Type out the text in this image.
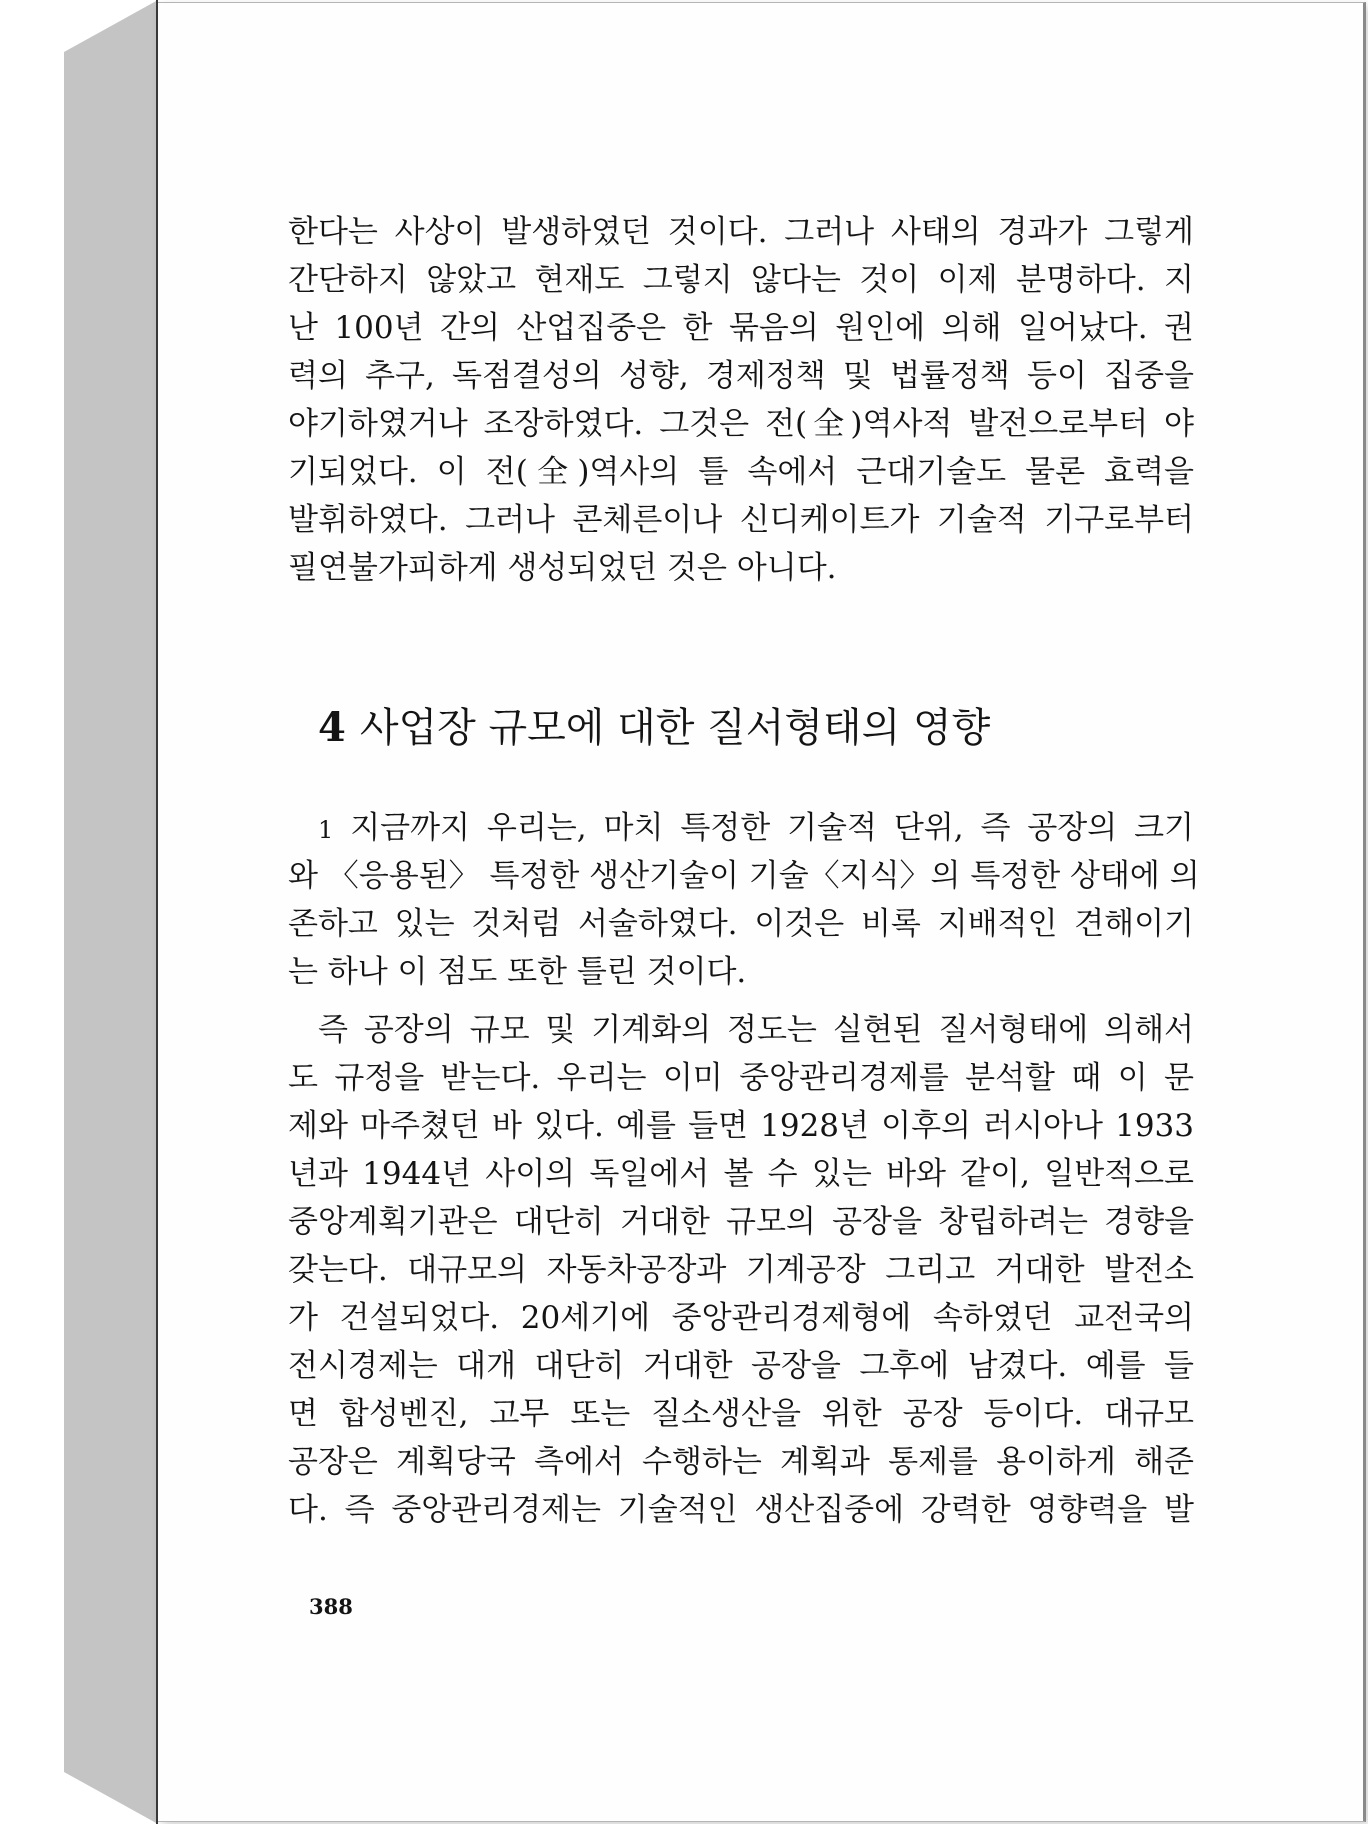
한다는 사상이 발생하였던 것이다. 그러나 사태의 경과가 그렇게
간단하지 않았고 현재도 그렇지 않다는 것이 이제 분명하다. 지
난 100년 간의 산업집중은 한 묶음의 원인에 의해 일어났다. 권
력의 추구, 독점결성의 성향, 경제정책 및 법률정책 등이 집중을
야기하였거나 조장하였다. 그것은 전(全)역사적 발전으로부터 야
기되었다. 이 전(全)역사의 틀 속에서 근대기술도 물론 효력을
발휘하였다. 그러나 콘체른이나 신디케이트가 기술적 기구로부터
필연불가피하게 생성되었던 것은 아니다.
4 사업장 규모에 대한 질서형태의 영향
1 지금까지 우리는, 마치 특정한 기술적 단위, 즉 공장의 크기
와 〈응용된〉 특정한 생산기술이 기술〈지식〉의 특정한 상태에 의
존하고 있는 것처럼 서술하였다. 이것은 비록 지배적인 견해이기
는 하나 이 점도 또한 틀린 것이다.
즉 공장의 규모 및 기계화의 정도는 실현된 질서형태에 의해서
도 규정을 받는다. 우리는 이미 중앙관리경제를 분석할 때 이 문
제와 마주쳤던 바 있다. 예를 들면 1928년 이후의 러시아나 1933
년과 1944년 사이의 독일에서 볼 수 있는 바와 같이, 일반적으로
중앙계획기관은 대단히 거대한 규모의 공장을 창립하려는 경향을
갖는다. 대규모의 자동차공장과 기계공장 그리고 거대한 발전소
가 건설되었다. 20세기에 중앙관리경제형에 속하였던 교전국의
전시경제는 대개 대단히 거대한 공장을 그후에 남겼다. 예를 들
면 합성벤진, 고무 또는 질소생산을 위한 공장 등이다. 대규모
공장은 계획당국 측에서 수행하는 계획과 통제를 용이하게 해준
다. 즉 중앙관리경제는 기술적인 생산집중에 강력한 영향력을 발
388
